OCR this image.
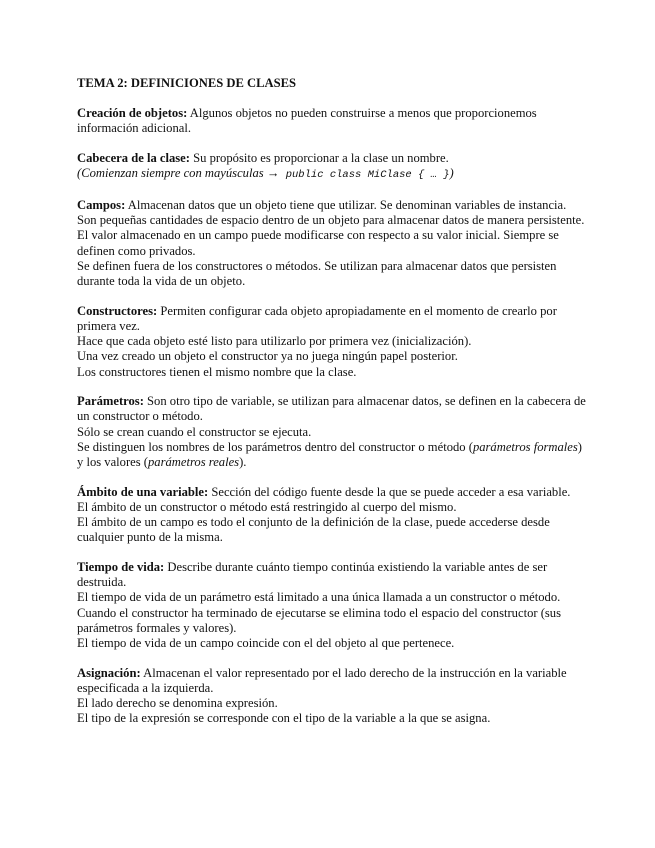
TEMA 2: DEFINICIONES DE CLASES
Creación de objetos: Algunos objetos no pueden construirse a menos que proporcionemos información adicional.
Cabecera de la clase: Su propósito es proporcionar a la clase un nombre.
(Comienzan siempre con mayúsculas → public class MiClase { … })
Campos: Almacenan datos que un objeto tiene que utilizar. Se denominan variables de instancia.
Son pequeñas cantidades de espacio dentro de un objeto para almacenar datos de manera persistente.
El valor almacenado en un campo puede modificarse con respecto a su valor inicial. Siempre se definen como privados.
Se definen fuera de los constructores o métodos. Se utilizan para almacenar datos que persisten durante toda la vida de un objeto.
Constructores: Permiten configurar cada objeto apropiadamente en el momento de crearlo por primera vez.
Hace que cada objeto esté listo para utilizarlo por primera vez (inicialización).
Una vez creado un objeto el constructor ya no juega ningún papel posterior.
Los constructores tienen el mismo nombre que la clase.
Parámetros: Son otro tipo de variable, se utilizan para almacenar datos, se definen en la cabecera de un constructor o método.
Sólo se crean cuando el constructor se ejecuta.
Se distinguen los nombres de los parámetros dentro del constructor o método (parámetros formales) y los valores (parámetros reales).
Ámbito de una variable: Sección del código fuente desde la que se puede acceder a esa variable.
El ámbito de un constructor o método está restringido al cuerpo del mismo.
El ámbito de un campo es todo el conjunto de la definición de la clase, puede accederse desde cualquier punto de la misma.
Tiempo de vida: Describe durante cuánto tiempo continúa existiendo la variable antes de ser destruida.
El tiempo de vida de un parámetro está limitado a una única llamada a un constructor o método.
Cuando el constructor ha terminado de ejecutarse se elimina todo el espacio del constructor (sus parámetros formales y valores).
El tiempo de vida de un campo coincide con el del objeto al que pertenece.
Asignación: Almacenan el valor representado por el lado derecho de la instrucción en la variable especificada a la izquierda.
El lado derecho se denomina expresión.
El tipo de la expresión se corresponde con el tipo de la variable a la que se asigna.
